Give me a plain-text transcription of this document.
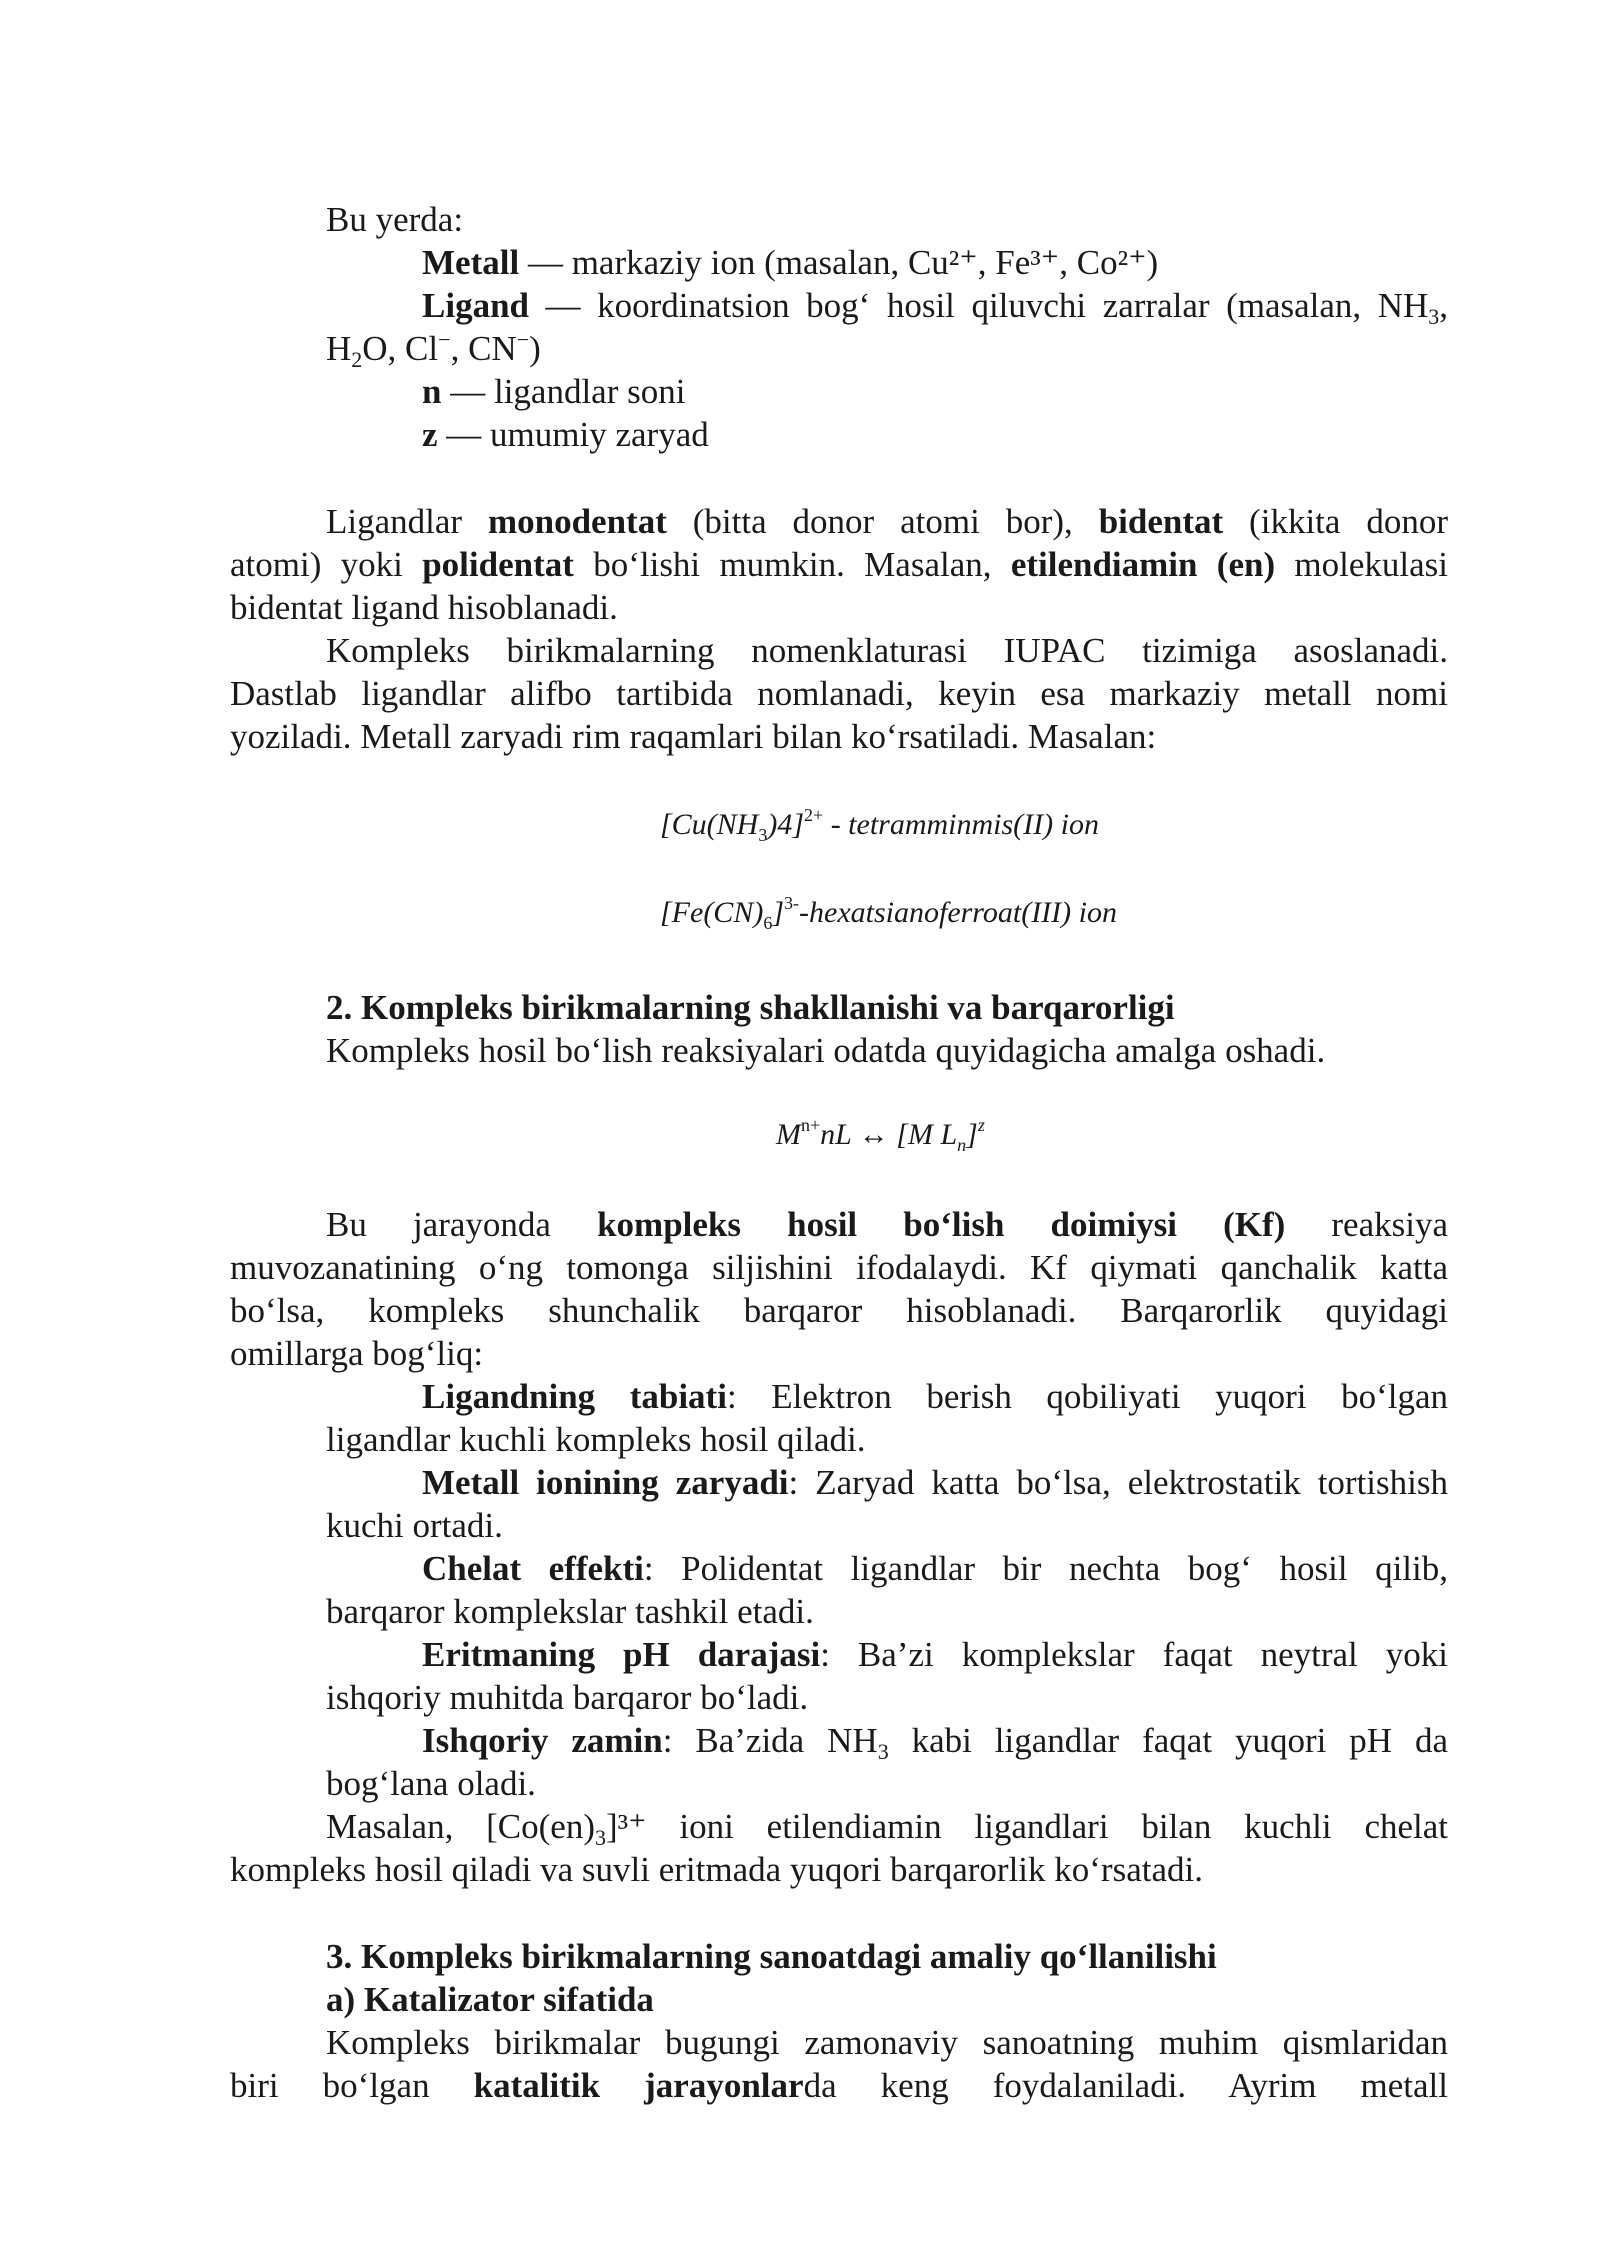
Bu yerda:
Metall — markaziy ion (masalan, Cu²⁺, Fe³⁺, Co²⁺)
Ligand — koordinatsion bog‘ hosil qiluvchi zarralar (masalan, $NH_3$,
$H_2O$, Cl−, CN−)
n — ligandlar soni
z — umumiy zaryad
Ligandlar monodentat (bitta donor atomi bor), bidentat (ikkita donor
atomi) yoki polidentat bo‘lishi mumkin. Masalan, etilendiamin (en) molekulasi
bidentat ligand hisoblanadi.
Kompleks birikmalarning nomenklaturasi IUPAC tizimiga asoslanadi.
Dastlab ligandlar alifbo tartibida nomlanadi, keyin esa markaziy metall nomi
yoziladi. Metall zaryadi rim raqamlari bilan ko‘rsatiladi. Masalan:
$[Cu(NH_3)4]^{2+}$ - tetramminmis(II) ion
$[Fe(CN)_6]^{3-}-hexatsianoferroat(III)$ ion
2. Kompleks birikmalarning shakllanishi va barqarorligi
Kompleks hosil bo‘lish reaksiyalari odatda quyidagicha amalga oshadi.
$M^{n+}nL$ ↔ [M $L_n]^z$
Bu jarayonda kompleks hosil bo‘lish doimiysi (Kf) reaksiya
muvozanatining o‘ng tomonga siljishini ifodalaydi. Kf qiymati qanchalik katta
bo‘lsa, kompleks shunchalik barqaror hisoblanadi. Barqarorlik quyidagi
omillarga bog‘liq:
Ligandning tabiati: Elektron berish qobiliyati yuqori bo‘lgan
ligandlar kuchli kompleks hosil qiladi.
Metall ionining zaryadi: Zaryad katta bo‘lsa, elektrostatik tortishish
kuchi ortadi.
Chelat effekti: Polidentat ligandlar bir nechta bog‘ hosil qilib,
barqaror komplekslar tashkil etadi.
Eritmaning pH darajasi: Ba’zi komplekslar faqat neytral yoki
ishqoriy muhitda barqaror bo‘ladi.
Ishqoriy zamin: Ba’zida $NH_3$ kabi ligandlar faqat yuqori pH da
bog‘lana oladi.
Masalan, $[Co(en)_3]^{3+}$ ioni etilendiamin ligandlari bilan kuchli chelat
kompleks hosil qiladi va suvli eritmada yuqori barqarorlik ko‘rsatadi.
3. Kompleks birikmalarning sanoatdagi amaliy qo‘llanilishi
a) Katalizator sifatida
Kompleks birikmalar bugungi zamonaviy sanoatning muhim qismlaridan
biri bo‘lgan katalitik jarayonlarda keng foydalaniladi. Ayrim metall
